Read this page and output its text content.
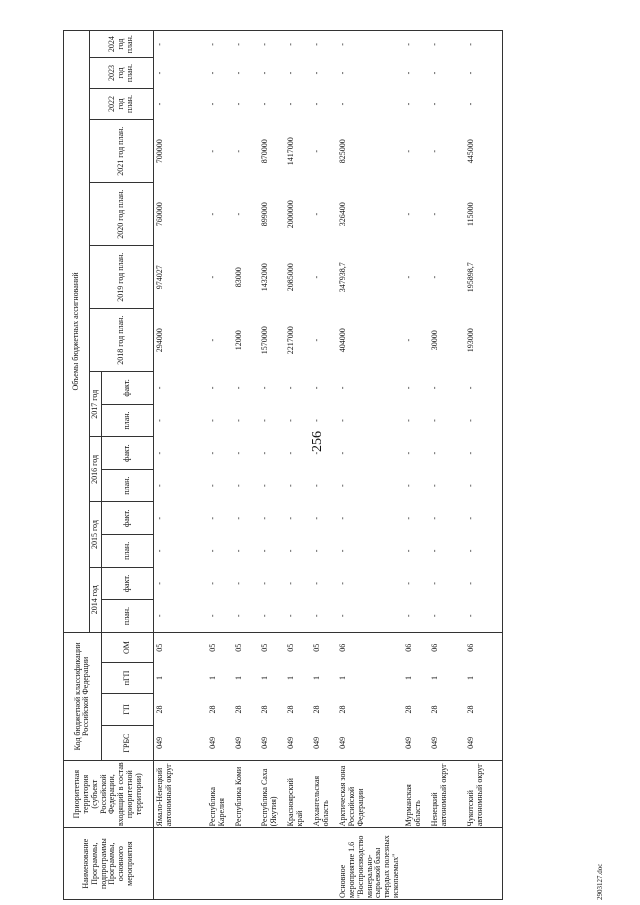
256
2903127.doc
Наименование Программы, подпрограммы Программы, основного мероприятия	Приоритетная территория (субъект Российской Федерации, входящий в состав приоритетной территории)	Код бюджетной классификации Российской Федерации				Объемы бюджетных ассигнований														
						2014 год		2015 год		2016 год		2017 год		2018 год план.	2019 год план.	2020 год план.	2021 год план.	2022 год план.	2023 год план.	2024 год план.
		ГРБС	ГП	пГП	ОМ	план.	факт.	план.	факт.	план.	факт.	план.	факт.							

	Ямало-Ненецкий автономный округ	049	28	1	05	-	-	-	-	-	-	-	-	294000	974027	760000	700000	-	-	-
	Республика Карелия	049	28	1	05	-	-	-	-	-	-	-	-	-	-	-	-	-	-	-
	Республика Коми	049	28	1	05	-	-	-	-	-	-	-	-	12000	83000	-	-	-	-	-
	Республика Саха (Якутия)	049	28	1	05	-	-	-	-	-	-	-	-	1570000	1432000	899000	870000	-	-	-
	Красноярский край	049	28	1	05	-	-	-	-	-	-	-	-	2217000	2085000	2000000	1417000	-	-	-
	Архангельская область	049	28	1	05	-	-	-	-	-	-	-	-	-	-	-	-	-	-	-
Основное мероприятие 1.6 "Воспроизводство минерально-сырьевой базы твердых полезных ископаемых"	Арктическая зона Российской Федерации	049	28	1	06	-	-	-	-	-	-	-	-	404000	347938,7	326400	825000	-	-	-
	Мурманская область	049	28	1	06	-	-	-	-	-	-	-	-	-	-	-	-	-	-	-
	Ненецкий автономный округ	049	28	1	06	-	-	-	-	-	-	-	-	30000	-	-	-	-	-	-
	Чукотский автономный округ	049	28	1	06	-	-	-	-	-	-	-	-	193000	195898,7	115000	445000	-	-	-
